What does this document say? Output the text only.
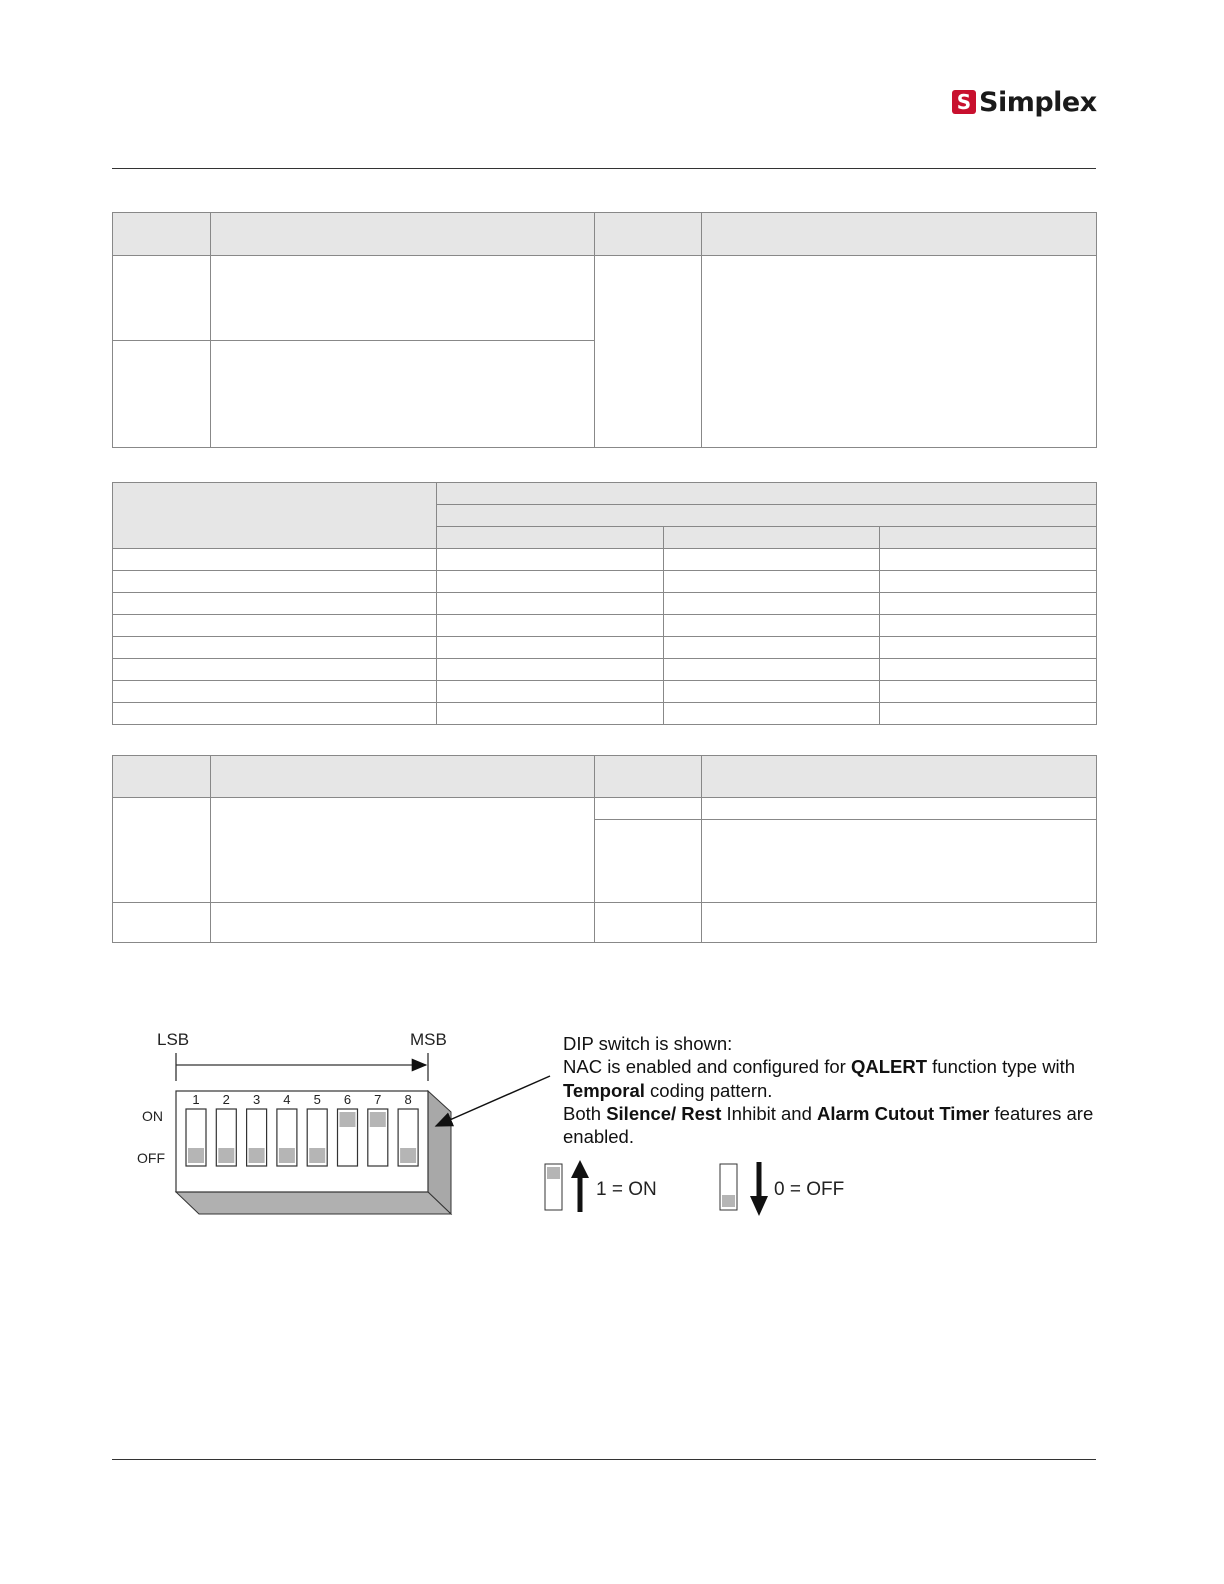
S Simplex

LSB	MSB
ON
OFF
1 2 3 4 5 6 7 8
1 = ON	0 = OFF

DIP switch is shown:

NAC is enabled and configured for QALERT function type with

Temporal coding pattern.

Both Silence/ Rest Inhibit and Alarm Cutout Timer features are

enabled.
